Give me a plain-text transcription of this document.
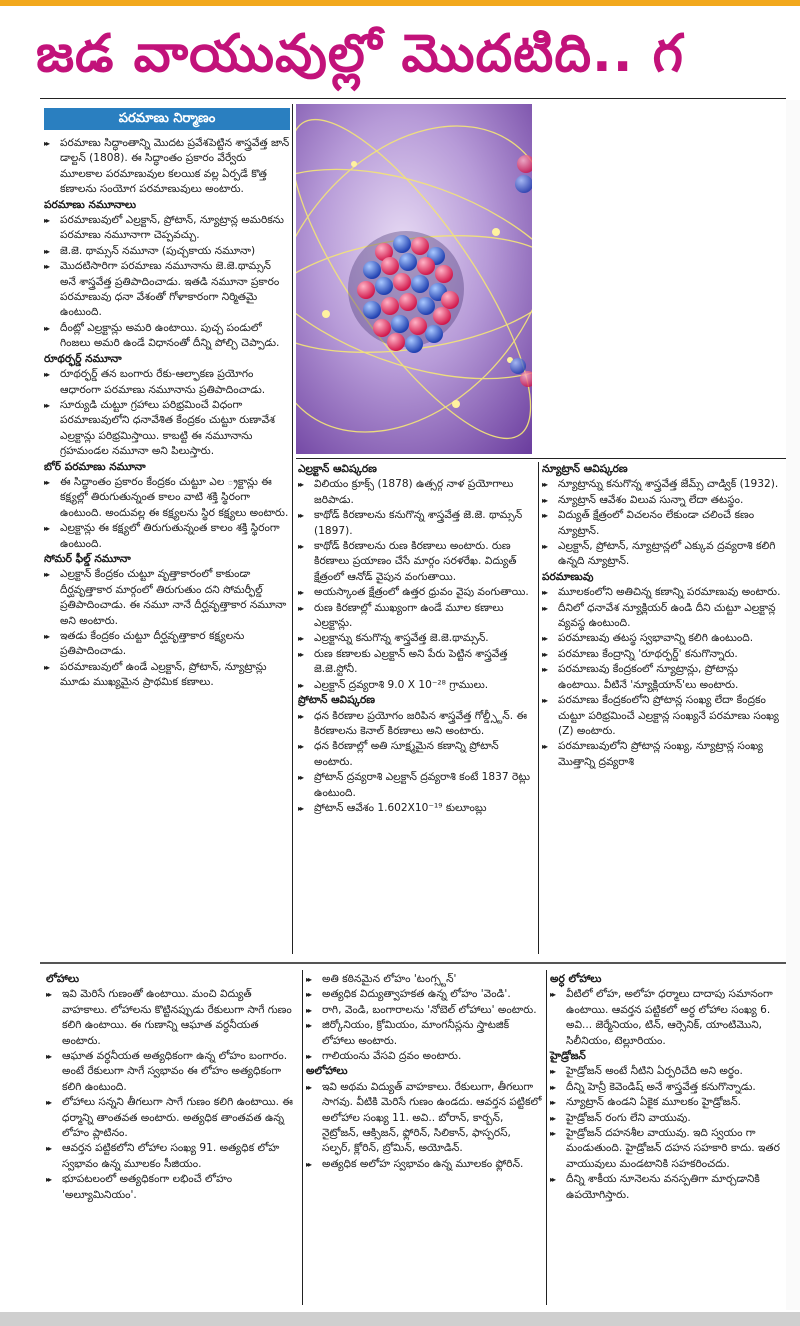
జడ వాయువుల్లో మొదటిది.. గ
పరమాణు నిర్మాణం

▸▸ పరమాణు సిద్ధాంతాన్ని మొదట ప్రవేశపెట్టిన శాస్త్రవేత్త జాన్ డాల్టన్ (1808). ఈ సిద్ధాంతం ప్రకారం వేర్వేరు మూలకాల పరమాణువుల కలయిక వల్ల ఏర్పడే కొత్త కణాలను సంయోగ పరమాణువులు అంటారు.

పరమాణు నమూనాలు

▸▸ పరమాణువులో ఎల్రక్టాన్, ప్రోటాన్, న్యూట్రాన్ల అమరికను పరమాణు నమూనాగా చెప్పవచ్చు.

▸▸ జె.జె. థామ్సన్ నమూనా (పుచ్చకాయ నమూనా)

▸▸ మొదటిసారిగా పరమాణు నమూనాను జె.జె.థామ్సన్ అనే శాస్త్రవేత్త ప్రతిపాదించాడు. ఇతడి నమూనా ప్రకారం పరమాణువు ధనా వేశంతో గోళాకారంగా నిర్మితమై ఉంటుంది.

▸▸ దీంట్లో ఎల్రక్టాన్లు అమరి ఉంటాయి. పుచ్చ పండులో గింజలు అమరి ఉండే విధానంతో దీన్ని పోల్చి చెప్పాడు.

రూథర్ఫర్డ్ నమూనా

▸▸ రూథర్ఫర్డ్ తన బంగారు రేకు-ఆల్ఫాకణ ప్రయోగం ఆధారంగా పరమాణు నమూనాను ప్రతిపాదించాడు.

▸▸ సూర్యుడి చుట్టూ గ్రహాలు పరిభ్రమించే విధంగా పరమాణువులోని ధనావేశిత కేంద్రకం చుట్టూ రుణావేశ ఎల్రక్టాన్లు పరిభ్రమిస్తాయి. కాబట్టి ఈ నమూనాను గ్రహమండల నమూనా అని పిలుస్తారు.

బోర్ పరమాణు నమూనా

▸▸ ఈ సిద్ధాంతం ప్రకారం కేంద్రకం చుట్టూ ఎల ్రక్టాన్లు ఈ కక్ష్యల్లో తిరుగుతున్నంత కాలం వాటి శక్తి స్థిరంగా ఉంటుంది. అందువల్ల ఈ కక్ష్యలను స్థిర కక్ష్యలు అంటారు.

▸▸ ఎల్రక్టాన్లు ఈ కక్ష్యలో తిరుగుతున్నంత కాలం శక్తి స్థిరంగా ఉంటుంది.

సోమర్ ఫీల్డ్ నమూనా

▸▸ ఎల్రక్టాన్ కేంద్రకం చుట్టూ వృత్తాకారంలో కాకుండా దీర్ఘవృత్తాకార మార్గంలో తిరుగుతుం దని సోమర్ఫీల్డ్ ప్రతిపాదించాడు. ఈ నమూ నానే దీర్ఘవృత్తాకార నమూనా అని అంటారు.

▸▸ ఇతడు కేంద్రకం చుట్టూ దీర్ఘవృత్తాకార కక్ష్యలను ప్రతిపాదించాడు.

▸▸ పరమాణువులో ఉండే ఎల్రక్టాన్, ప్రోటాన్, న్యూట్రాన్లు మూడు ముఖ్యమైన ప్రాథమిక కణాలు.

ఎల్రక్టాన్ ఆవిష్కరణ

▸▸ విలియం క్రూక్స్ (1878) ఉత్సర్గ నాళ ప్రయోగాలు జరిపాడు.

▸▸ కాథోడ్ కిరణాలను కనుగొన్న శాస్త్రవేత్త జె.జె. థామ్సన్ (1897).

▸▸ కాథోడ్ కిరణాలను రుణ కిరణాలు అంటారు. రుణ కిరణాలు ప్రయాణం చేసే మార్గం సరళరేఖ. విద్యుత్ క్షేత్రంలో ఆనోడ్ వైపున వంగుతాయి.

▸▸ అయస్కాంత క్షేత్రంలో ఉత్తర ధ్రువం వైపు వంగుతాయి.

▸▸ రుణ కిరణాల్లో ముఖ్యంగా ఉండే మూల కణాలు ఎల్రక్టాన్లు.

▸▸ ఎల్రక్టాన్ను కనుగొన్న శాస్త్రవేత్త జె.జె.థామ్సన్.

▸▸ రుణ కణాలకు ఎల్రక్టాన్ అని పేరు పెట్టిన శాస్త్రవేత్త జె.జె.స్టోనీ.

▸▸ ఎల్రక్టాన్ ద్రవ్యరాశి 9.0 X 10⁻²⁸ గ్రాములు.

ప్రోటాన్ ఆవిష్కరణ

▸▸ ధన కిరణాల ప్రయోగం జరిపిన శాస్త్రవేత్త గోల్డ్స్టీన్. ఈ కిరణాలను కెనాల్ కిరణాలు అని అంటారు.

▸▸ ధన కిరణాల్లో అతి సూక్ష్మమైన కణాన్ని ప్రోటాన్ అంటారు.

▸▸ ప్రోటాన్ ద్రవ్యరాశి ఎల్రక్టాన్ ద్రవ్యరాశి కంటే 1837 రెట్లు ఉంటుంది.

▸▸ ప్రోటాన్ ఆవేశం 1.602X10⁻¹⁹ కులూంబ్లు

న్యూట్రాన్ ఆవిష్కరణ

▸▸ న్యూట్రాన్ను కనుగొన్న శాస్త్రవేత్త జేమ్స్ చాడ్విక్ (1932).

▸▸ న్యూట్రాన్ ఆవేశం విలువ సున్నా లేదా తటస్థం.

▸▸ విద్యుత్ క్షేత్రంలో విచలనం లేకుండా చలించే కణం న్యూట్రాన్.

▸▸ ఎల్రక్టాన్, ప్రోటాన్, న్యూట్రాన్లలో ఎక్కువ ద్రవ్యరాశి కలిగి ఉన్నది న్యూట్రాన్.

పరమాణువు

▸▸ మూలకంలోని అతిచిన్న కణాన్ని పరమాణువు అంటారు.

▸▸ దీనిలో ధనావేశ న్యూక్లియర్ ఉండి దీని చుట్టూ ఎల్రక్టాన్ల వ్యవస్థ ఉంటుంది.

▸▸ పరమాణువు తటస్థ స్వభావాన్ని కలిగి ఉంటుంది.

▸▸ పరమాణు కేంద్రాన్ని 'రూథర్ఫర్డ్' కనుగొన్నారు.

▸▸ పరమాణువు కేంద్రకంలో న్యూట్రాన్లు, ప్రోటాన్లు ఉంటాయి. వీటినే 'న్యూక్లియాన్'లు అంటారు.

▸▸ పరమాణు కేంద్రకంలోని ప్రోటాన్ల సంఖ్య లేదా కేంద్రకం చుట్టూ పరిభ్రమించే ఎల్రక్టాన్ల సంఖ్యనే పరమాణు సంఖ్య (Z) అంటారు.

▸▸ పరమాణువులోని ప్రోటాన్ల సంఖ్య, న్యూట్రాన్ల సంఖ్య మొత్తాన్ని ద్రవ్యరాశి

లోహాలు

▸▸ ఇవి మెరిసే గుణంతో ఉంటాయి. మంచి విద్యుత్ వాహకాలు. లోహాలను కొట్టినప్పుడు రేకులుగా సాగే గుణం కలిగి ఉంటాయి. ఈ గుణాన్ని ఆఘాత వర్ధనీయత అంటారు.

▸▸ ఆఘాత వర్ధనీయత అత్యధికంగా ఉన్న లోహం బంగారం. అంటే రేకులుగా సాగే స్వభావం ఈ లోహం అత్యధికంగా కలిగి ఉంటుంది.

▸▸ లోహాలు సన్నని తీగలుగా సాగే గుణం కలిగి ఉంటాయి. ఈ ధర్మాన్ని తాంతవత అంటారు. అత్యధిక తాంతవత ఉన్న లోహం ప్లాటినం.

▸▸ ఆవర్తన పట్టికలోని లోహాల సంఖ్య 91. అత్యధిక లోహ స్వభావం ఉన్న మూలకం సీజియం.

▸▸ భూపటలంలో అత్యధికంగా లభించే లోహం 'అల్యూమినియం'.

▸▸ అతి కఠినమైన లోహం 'టంగ్స్టన్'

▸▸ అత్యధిక విద్యుత్వాహకత ఉన్న లోహం 'వెండి'.

▸▸ రాగి, వెండి, బంగారాలను 'నోబెల్ లోహాలు' అంటారు.

▸▸ జిర్కోనియం, క్రోమియం, మాంగనీస్లను స్త్రాటజిక్ లోహాలు అంటారు.

▸▸ గాలియంను వేసవి ద్రవం అంటారు.

అలోహాలు

▸▸ ఇవి అథమ విద్యుత్ వాహకాలు. రేకులుగా, తీగలుగా సాగవు. వీటికి మెరిసే గుణం ఉండదు. ఆవర్తన పట్టికలో అలోహాల సంఖ్య 11. అవి.. బోరాన్, కార్బన్, నైట్రోజన్, ఆక్సిజన్, ఫ్లోరిన్, సిలికాన్, ఫాస్పరస్, సల్ఫర్, క్లోరిన్, బ్రోమిన్, అయోడిన్.

▸▸ అత్యధిక అలోహ స్వభావం ఉన్న మూలకం ఫ్లోరిన్.

అర్ధ లోహాలు

▸▸ వీటిలో లోహ, అలోహ ధర్మాలు దాదాపు సమానంగా ఉంటాయి. ఆవర్తన పట్టికలో అర్ధ లోహాల సంఖ్య 6. అవి... జెర్మేనియం, టిన్, ఆర్సెనిక్, యాంటిమొని, సిలీనియం, టెల్లూరియం.

హైడ్రోజన్

▸▸ హైడ్రోజన్ అంటే నీటిని ఏర్పరిచేది అని అర్థం.

▸▸ దీన్ని హెన్రీ కెవెండిష్ అనే శాస్త్రవేత్త కనుగొన్నాడు.

▸▸ న్యూట్రాన్ ఉండని ఏకైక మూలకం హైడ్రోజన్.

▸▸ హైడ్రోజన్ రంగు లేని వాయువు.

▸▸ హైడ్రోజన్ దహనశీల వాయువు. ఇది స్వయం గా మండుతుంది. హైడ్రోజన్ దహన సహకారి కాదు. ఇతర వాయువులు మండటానికి సహకరించదు.

▸▸ దీన్ని శాకీయ నూనెలను వనస్పతిగా మార్చడానికి ఉపయోగిస్తారు.
